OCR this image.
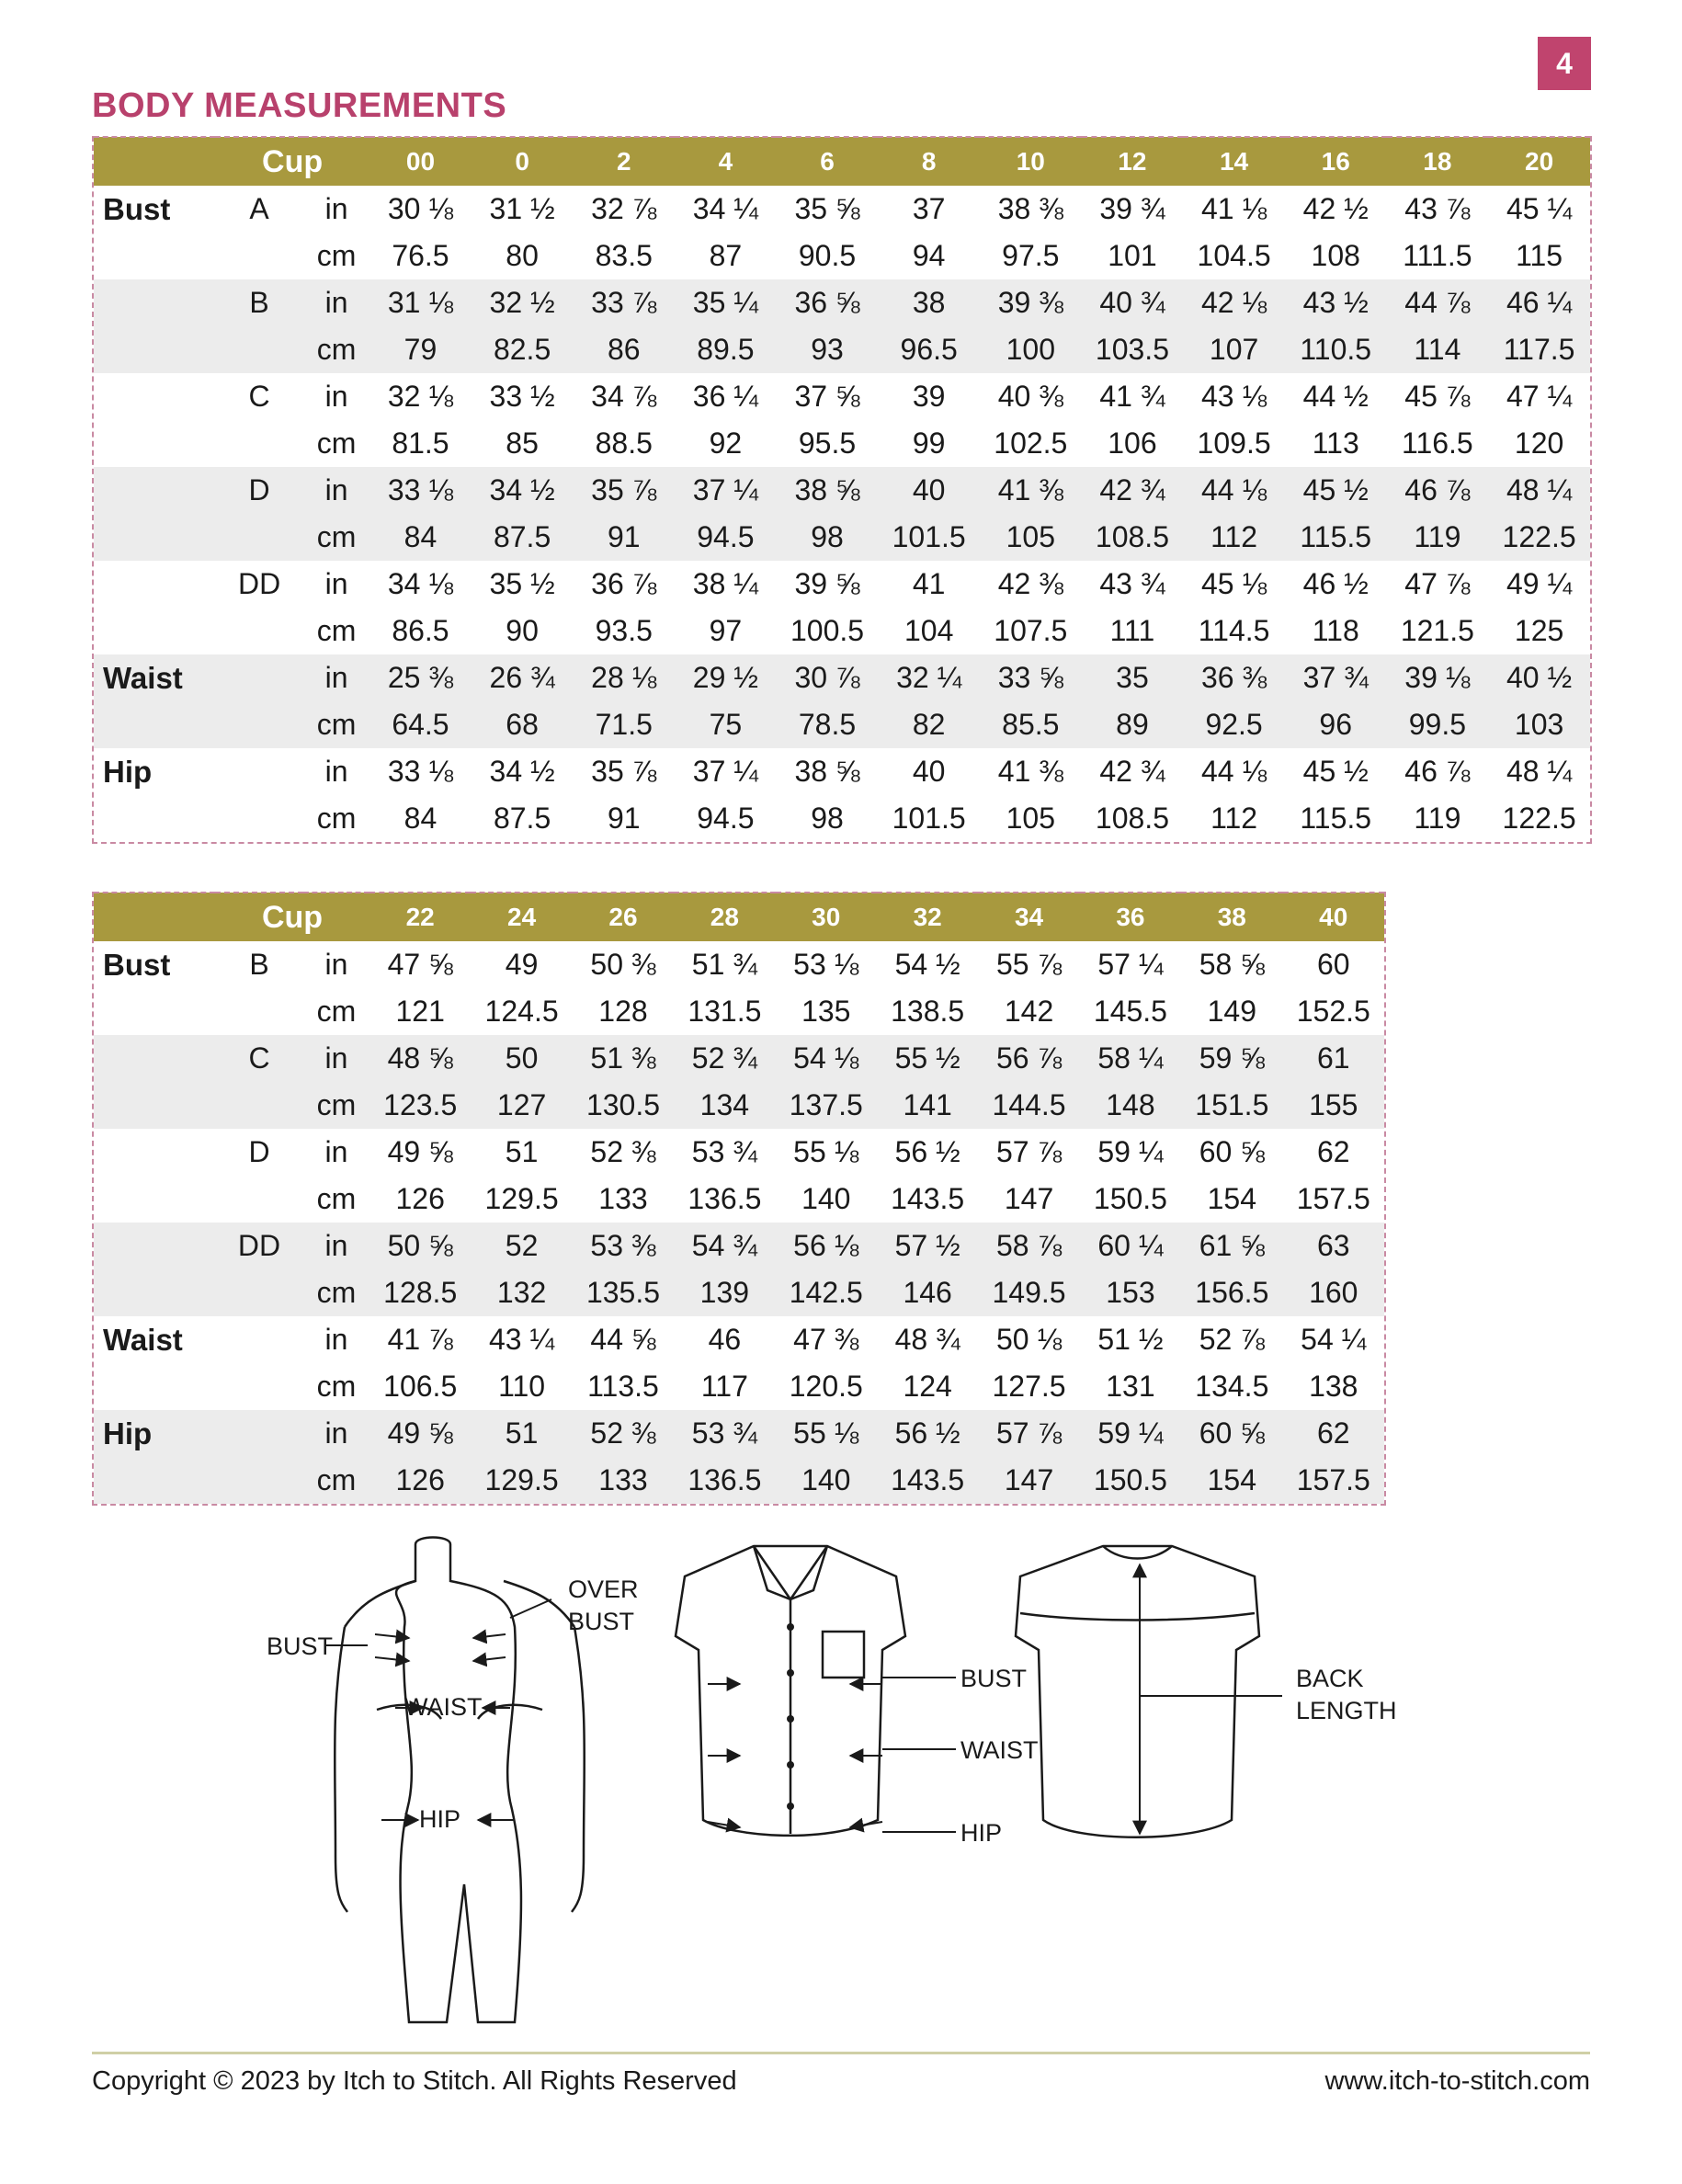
4
BODY MEASUREMENTS
	Cup		00	0	2	4	6	8	10	12	14	16	18	20
Bust	A	in	30 ⅛	31 ½	32 ⅞	34 ¼	35 ⅝	37	38 ⅜	39 ¾	41 ⅛	42 ½	43 ⅞	45 ¼
		cm	76.5	80	83.5	87	90.5	94	97.5	101	104.5	108	111.5	115
	B	in	31 ⅛	32 ½	33 ⅞	35 ¼	36 ⅝	38	39 ⅜	40 ¾	42 ⅛	43 ½	44 ⅞	46 ¼
		cm	79	82.5	86	89.5	93	96.5	100	103.5	107	110.5	114	117.5
	C	in	32 ⅛	33 ½	34 ⅞	36 ¼	37 ⅝	39	40 ⅜	41 ¾	43 ⅛	44 ½	45 ⅞	47 ¼
		cm	81.5	85	88.5	92	95.5	99	102.5	106	109.5	113	116.5	120
	D	in	33 ⅛	34 ½	35 ⅞	37 ¼	38 ⅝	40	41 ⅜	42 ¾	44 ⅛	45 ½	46 ⅞	48 ¼
		cm	84	87.5	91	94.5	98	101.5	105	108.5	112	115.5	119	122.5
	DD	in	34 ⅛	35 ½	36 ⅞	38 ¼	39 ⅝	41	42 ⅜	43 ¾	45 ⅛	46 ½	47 ⅞	49 ¼
		cm	86.5	90	93.5	97	100.5	104	107.5	111	114.5	118	121.5	125
Waist		in	25 ⅜	26 ¾	28 ⅛	29 ½	30 ⅞	32 ¼	33 ⅝	35	36 ⅜	37 ¾	39 ⅛	40 ½
		cm	64.5	68	71.5	75	78.5	82	85.5	89	92.5	96	99.5	103
Hip		in	33 ⅛	34 ½	35 ⅞	37 ¼	38 ⅝	40	41 ⅜	42 ¾	44 ⅛	45 ½	46 ⅞	48 ¼
		cm	84	87.5	91	94.5	98	101.5	105	108.5	112	115.5	119	122.5
	Cup		22	24	26	28	30	32	34	36	38	40
Bust	B	in	47 ⅝	49	50 ⅜	51 ¾	53 ⅛	54 ½	55 ⅞	57 ¼	58 ⅝	60
		cm	121	124.5	128	131.5	135	138.5	142	145.5	149	152.5
	C	in	48 ⅝	50	51 ⅜	52 ¾	54 ⅛	55 ½	56 ⅞	58 ¼	59 ⅝	61
		cm	123.5	127	130.5	134	137.5	141	144.5	148	151.5	155
	D	in	49 ⅝	51	52 ⅜	53 ¾	55 ⅛	56 ½	57 ⅞	59 ¼	60 ⅝	62
		cm	126	129.5	133	136.5	140	143.5	147	150.5	154	157.5
	DD	in	50 ⅝	52	53 ⅜	54 ¾	56 ⅛	57 ½	58 ⅞	60 ¼	61 ⅝	63
		cm	128.5	132	135.5	139	142.5	146	149.5	153	156.5	160
Waist		in	41 ⅞	43 ¼	44 ⅝	46	47 ⅜	48 ¾	50 ⅛	51 ½	52 ⅞	54 ¼
		cm	106.5	110	113.5	117	120.5	124	127.5	131	134.5	138
Hip		in	49 ⅝	51	52 ⅜	53 ¾	55 ⅛	56 ½	57 ⅞	59 ¼	60 ⅝	62
		cm	126	129.5	133	136.5	140	143.5	147	150.5	154	157.5
BUST
OVER
BUST
WAIST
HIP
BUST
WAIST
HIP
BACK
LENGTH
Copyright © 2023 by Itch to Stitch. All Rights Reserved	www.itch-to-stitch.com
